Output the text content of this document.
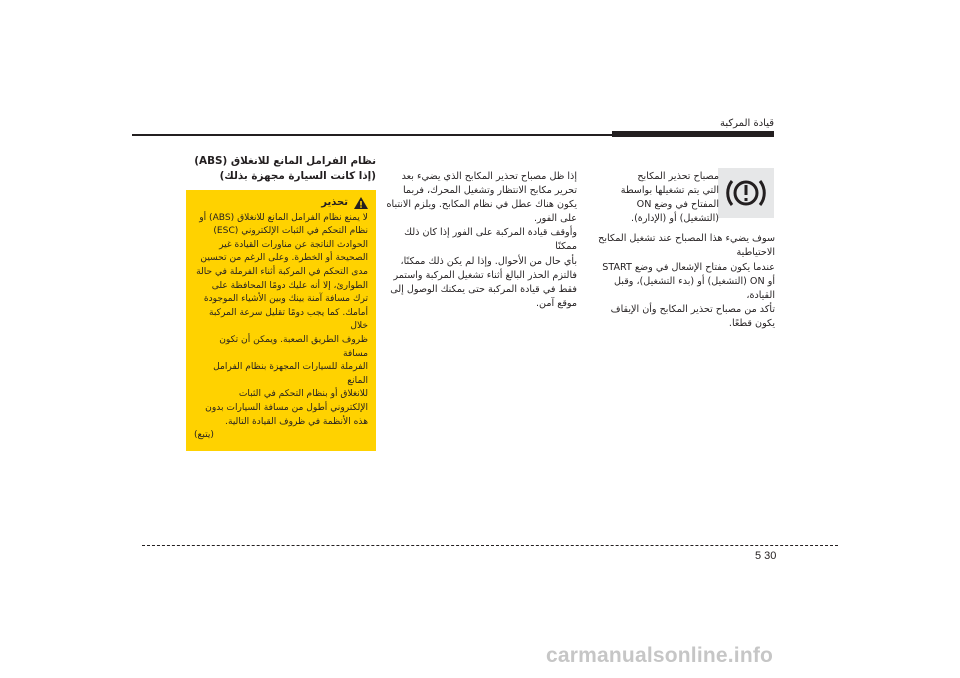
قيادة المركبة

مصباح تحذير المكابح

التي يتم تشغيلها بواسطة

المفتاح في وضع ON

(التشغيل) أو (الإدارة).

سوف يضيء هذا المصباح عند تشغيل المكابح الاحتياطية

عندما يكون مفتاح الإشعال في وضع START

أو ON (التشغيل) أو (بدء التشغيل)، وقبل القيادة،

تأكد من مصباح تحذير المكابح وأن الإيقاف

يكون قطعًا.

إذا ظل مصباح تحذير المكابح الذي يضيء بعد

تحرير مكابح الانتظار وتشغيل المحرك، فربما

يكون هناك عطل في نظام المكابح. ويلزم الانتباه

على الفور.

وأوقف قيادة المركبة على الفور إذا كان ذلك ممكنًا

بأي حال من الأحوال. وإذا لم يكن ذلك ممكنًا،

فالتزم الحذر البالغ أثناء تشغيل المركبة واستمر

فقط في قيادة المركبة حتى يمكنك الوصول إلى

موقع آمن.

نظام الفرامل المانع للانغلاق (ABS)
(إذا كانت السيارة مجهزة بذلك)
تحذير

لا يمنع نظام الفرامل المانع للانغلاق (ABS) أو

نظام التحكم في الثبات الإلكتروني (ESC)

الحوادث الناتجة عن مناورات القيادة غير

الصحيحة أو الخطرة. وعلى الرغم من تحسين

مدى التحكم في المركبة أثناء الفرملة في حالة

الطوارئ، إلا أنه عليك دومًا المحافظة على

ترك مسافة آمنة بينك وبين الأشياء الموجودة

أمامك. كما يجب دومًا تقليل سرعة المركبة خلال

ظروف الطريق الصعبة. ويمكن أن تكون مسافة

الفرملة للسيارات المجهزة بنظام الفرامل المانع

للانغلاق أو بنظام التحكم في الثبات

الإلكتروني أطول من مسافة السيارات بدون

هذه الأنظمة في ظروف القيادة التالية.

(يتبع)

5 30
carmanualsonline.info
